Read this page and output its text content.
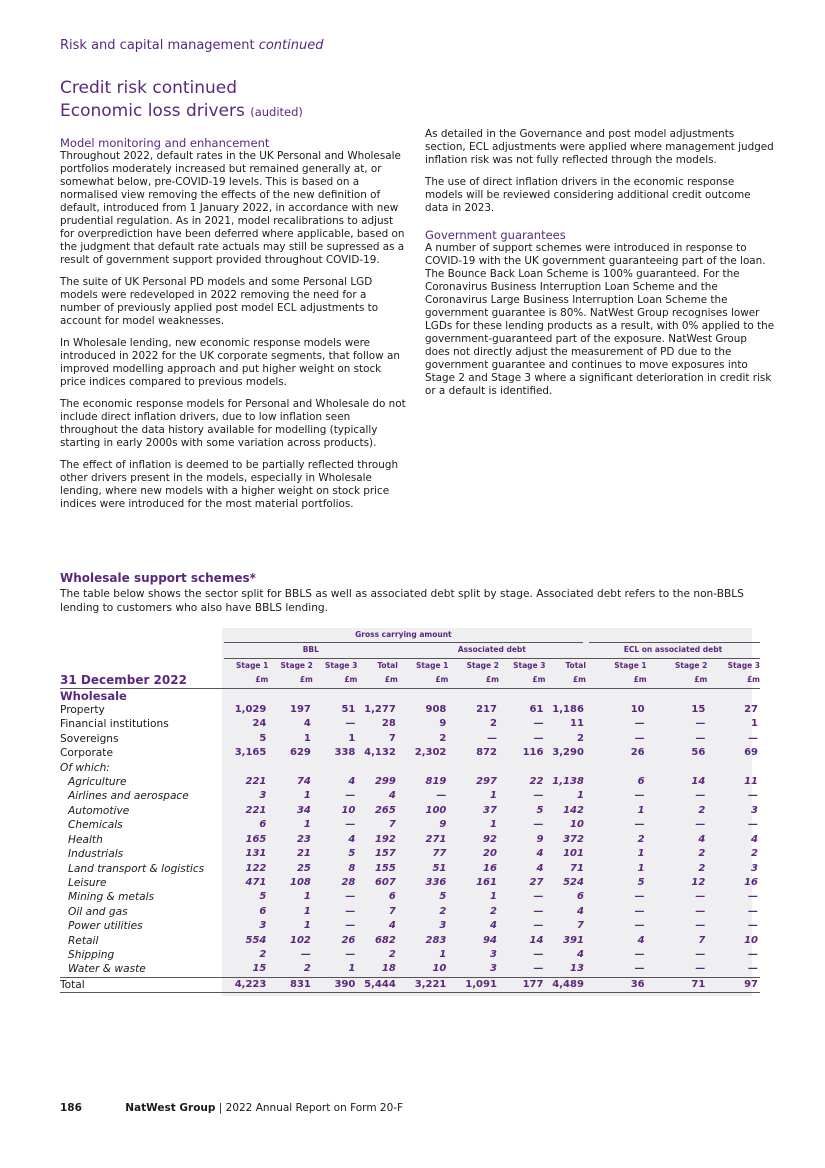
Risk and capital management continued
Credit risk continued
Economic loss drivers (audited)
Model monitoring and enhancement

Throughout 2022, default rates in the UK Personal and Wholesale portfolios moderately increased but remained generally at, or somewhat below, pre-COVID-19 levels. This is based on a normalised view removing the effects of the new definition of default, introduced from 1 January 2022, in accordance with new prudential regulation. As in 2021, model recalibrations to adjust for overprediction have been deferred where applicable, based on the judgment that default rate actuals may still be supressed as a result of government support provided throughout COVID-19.

The suite of UK Personal PD models and some Personal LGD models were redeveloped in 2022 removing the need for a number of previously applied post model ECL adjustments to account for model weaknesses.

In Wholesale lending, new economic response models were introduced in 2022 for the UK corporate segments, that follow an improved modelling approach and put higher weight on stock price indices compared to previous models.

The economic response models for Personal and Wholesale do not include direct inflation drivers, due to low inflation seen throughout the data history available for modelling (typically starting in early 2000s with some variation across products).

The effect of inflation is deemed to be partially reflected through other drivers present in the models, especially in Wholesale lending, where new models with a higher weight on stock price indices were introduced for the most material portfolios.

As detailed in the Governance and post model adjustments section, ECL adjustments were applied where management judged inflation risk was not fully reflected through the models.

The use of direct inflation drivers in the economic response models will be reviewed considering additional credit outcome data in 2023.

Government guarantees

A number of support schemes were introduced in response to COVID-19 with the UK government guaranteeing part of the loan. The Bounce Back Loan Scheme is 100% guaranteed. For the Coronavirus Business Interruption Loan Scheme and the Coronavirus Large Business Interruption Loan Scheme the government guarantee is 80%. NatWest Group recognises lower LGDs for these lending products as a result, with 0% applied to the government-guaranteed part of the exposure. NatWest Group does not directly adjust the measurement of PD due to the government guarantee and continues to move exposures into Stage 2 and Stage 3 where a significant deterioration in credit risk or a default is identified.

Wholesale support schemes*
The table below shows the sector split for BBLS as well as associated debt split by stage. Associated debt refers to the non-BBLS lending to customers who also have BBLS lending.
	Gross carrying amount										
	BBL				Associated debt				ECL on associated debt		
	Stage 1	Stage 2	Stage 3	Total	Stage 1	Stage 2	Stage 3	Total	Stage 1	Stage 2	Stage 3
31 December 2022	£m	£m	£m	£m	£m	£m	£m	£m	£m	£m	£m
Wholesale											
Property	1,029	197	51	1,277	908	217	61	1,186	10	15	27
Financial institutions	24	4	—	28	9	2	—	11	—	—	1
Sovereigns	5	1	1	7	2	—	—	2	—	—	—
Corporate	3,165	629	338	4,132	2,302	872	116	3,290	26	56	69
Of which:											
Agriculture	221	74	4	299	819	297	22	1,138	6	14	11
Airlines and aerospace	3	1	—	4	—	1	—	1	—	—	—
Automotive	221	34	10	265	100	37	5	142	1	2	3
Chemicals	6	1	—	7	9	1	—	10	—	—	—
Health	165	23	4	192	271	92	9	372	2	4	4
Industrials	131	21	5	157	77	20	4	101	1	2	2
Land transport & logistics	122	25	8	155	51	16	4	71	1	2	3
Leisure	471	108	28	607	336	161	27	524	5	12	16
Mining & metals	5	1	—	6	5	1	—	6	—	—	—
Oil and gas	6	1	—	7	2	2	—	4	—	—	—
Power utilities	3	1	—	4	3	4	—	7	—	—	—
Retail	554	102	26	682	283	94	14	391	4	7	10
Shipping	2	—	—	2	1	3	—	4	—	—	—
Water & waste	15	2	1	18	10	3	—	13	—	—	—
Total	4,223	831	390	5,444	3,221	1,091	177	4,489	36	71	97
186	NatWest Group | 2022 Annual Report on Form 20-F
